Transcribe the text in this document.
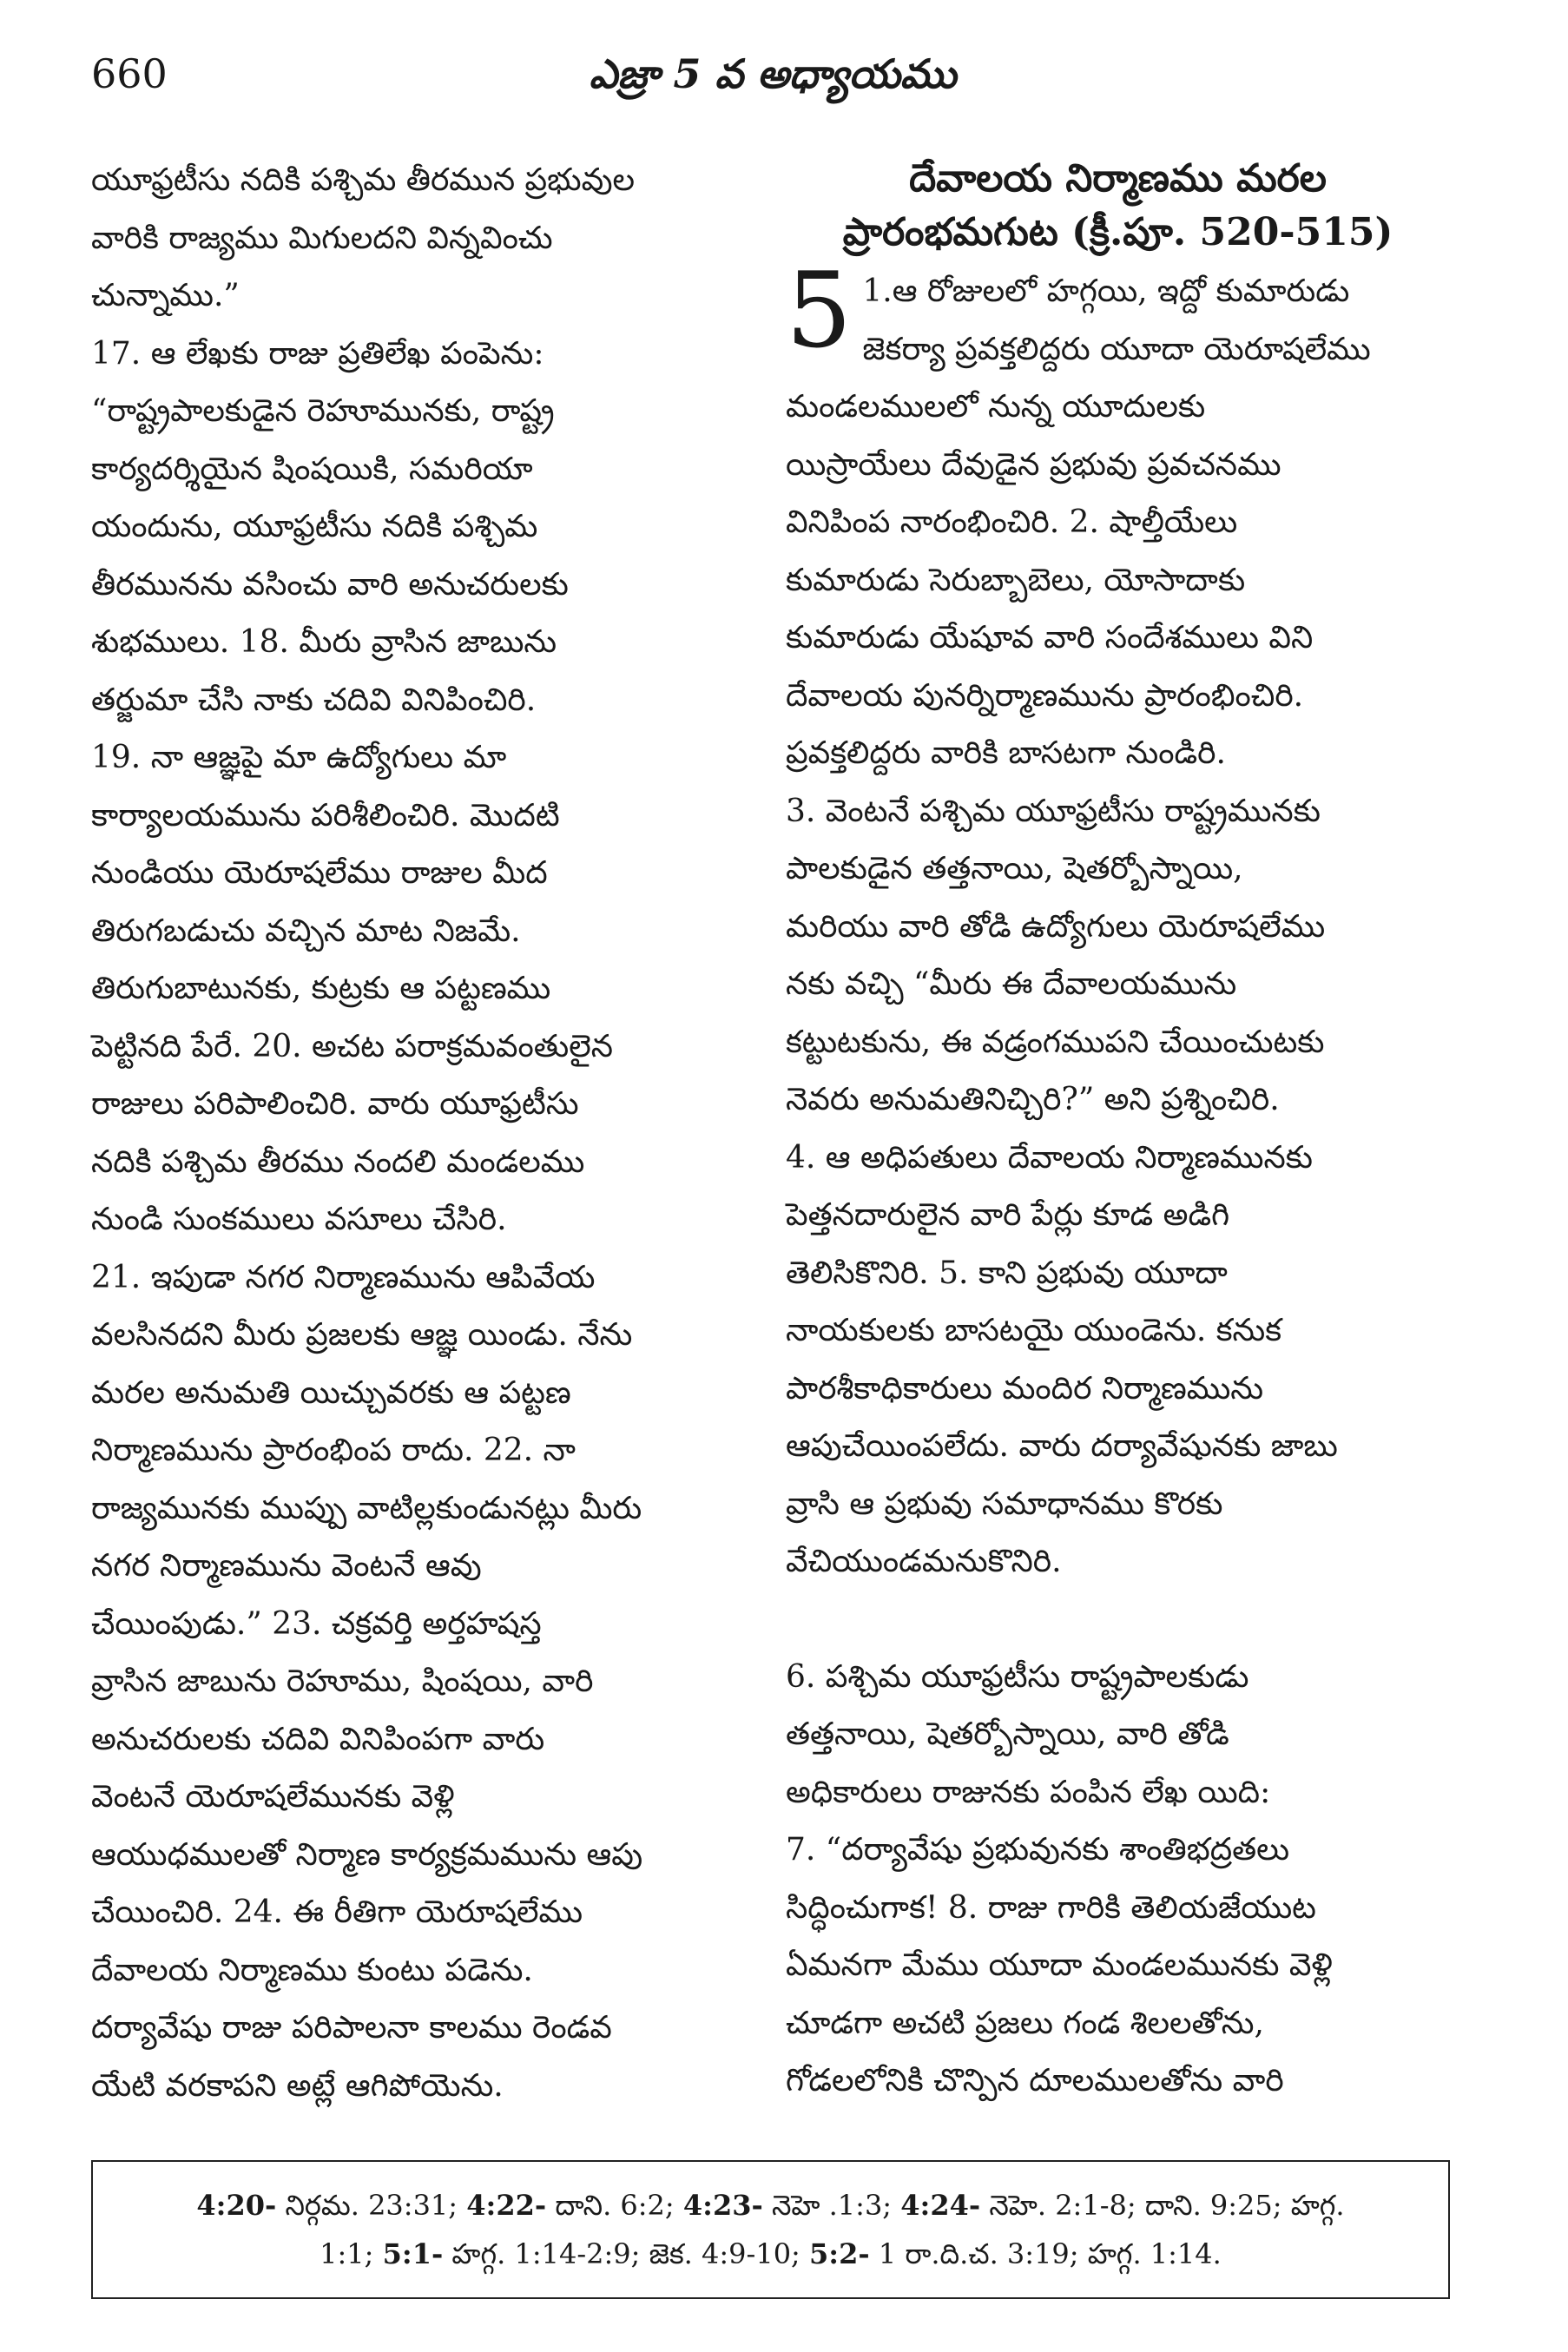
660	ఎజ్రా 5 వ అధ్యాయము

యూఫ్రటీసు నదికి పశ్చిమ తీరమున ప్రభువుల
వారికి రాజ్యము మిగులదని విన్నవించు
చున్నాము.”

17. ఆ లేఖకు రాజు ప్రతిలేఖ పంపెను:
“రాష్ట్రపాలకుడైన రెహూమునకు, రాష్ట్ర
కార్యదర్శియైన షింషయికి, సమరియా
యందును, యూఫ్రటీసు నదికి పశ్చిమ
తీరమునను వసించు వారి అనుచరులకు
శుభములు. 18. మీరు వ్రాసిన జాబును
తర్జుమా చేసి నాకు చదివి వినిపించిరి.
19. నా ఆజ్ఞపై మా ఉద్యోగులు మా
కార్యాలయమును పరిశీలించిరి. మొదటి
నుండియు యెరూషలేము రాజుల మీద
తిరుగబడుచు వచ్చిన మాట నిజమే.
తిరుగుబాటునకు, కుట్రకు ఆ పట్టణము
పెట్టినది పేరే. 20. అచట పరాక్రమవంతులైన
రాజులు పరిపాలించిరి. వారు యూఫ్రటీసు
నదికి పశ్చిమ తీరము నందలి మండలము
నుండి సుంకములు వసూలు చేసిరి.
21. ఇపుడా నగర నిర్మాణమును ఆపివేయ
వలసినదని మీరు ప్రజలకు ఆజ్ఞ యిండు. నేను
మరల అనుమతి యిచ్చువరకు ఆ పట్టణ
నిర్మాణమును ప్రారంభింప రాదు. 22. నా
రాజ్యమునకు ముప్పు వాటిల్లకుండునట్లు మీరు
నగర నిర్మాణమును వెంటనే ఆవు
చేయింపుడు.” 23. చక్రవర్తి అర్తహషస్త
వ్రాసిన జాబును రెహూము, షింషయి, వారి
అనుచరులకు చదివి వినిపింపగా వారు
వెంటనే యెరూషలేమునకు వెళ్లి
ఆయుధములతో నిర్మాణ కార్యక్రమమును ఆపు
చేయించిరి. 24. ఈ రీతిగా యెరూషలేము
దేవాలయ నిర్మాణము కుంటు పడెను.
దర్యావేషు రాజు పరిపాలనా కాలము రెండవ
యేటి వరకాపని అట్లే ఆగిపోయెను.

దేవాలయ నిర్మాణము మరల
ప్రారంభమగుట (క్రీ.పూ. 520-515)
5 1.ఆ రోజులలో హగ్గయి, ఇద్దో కుమారుడు
జెకర్యా ప్రవక్తలిద్దరు యూదా యెరూషలేము
మండలములలో నున్న యూదులకు
యిస్రాయేలు దేవుడైన ప్రభువు ప్రవచనము
వినిపింప నారంభించిరి. 2. షాల్తీయేలు
కుమారుడు సెరుబ్బాబెలు, యోసాదాకు
కుమారుడు యేషూవ వారి సందేశములు విని
దేవాలయ పునర్నిర్మాణమును ప్రారంభించిరి.
ప్రవక్తలిద్దరు వారికి బాసటగా నుండిరి.
3. వెంటనే పశ్చిమ యూఫ్రటీసు రాష్ట్రమునకు
పాలకుడైన తత్తనాయి, షెతర్బోస్నాయి,
మరియు వారి తోడి ఉద్యోగులు యెరూషలేము
నకు వచ్చి “మీరు ఈ దేవాలయమును
కట్టుటకును, ఈ వడ్రంగముపని చేయించుటకు
నెవరు అనుమతినిచ్చిరి?” అని ప్రశ్నించిరి.
4. ఆ అధిపతులు దేవాలయ నిర్మాణమునకు
పెత్తనదారులైన వారి పేర్లు కూడ అడిగి
తెలిసికొనిరి. 5. కాని ప్రభువు యూదా
నాయకులకు బాసటయై యుండెను. కనుక
పారశీకాధికారులు మందిర నిర్మాణమును
ఆపుచేయింపలేదు. వారు దర్యావేషునకు జాబు
వ్రాసి ఆ ప్రభువు సమాధానము కొరకు
వేచియుండమనుకొనిరి.

6. పశ్చిమ యూఫ్రటీసు రాష్ట్రపాలకుడు
తత్తనాయి, షెతర్బోస్నాయి, వారి తోడి
అధికారులు రాజునకు పంపిన లేఖ యిది:
7. “దర్యావేషు ప్రభువునకు శాంతిభద్రతలు
సిద్ధించుగాక! 8. రాజు గారికి తెలియజేయుట
ఏమనగా మేము యూదా మండలమునకు వెళ్లి
చూడగా అచటి ప్రజలు గండ శిలలతోను,
గోడలలోనికి చొన్పిన దూలములతోను వారి

4:20- నిర్గమ. 23:31; 4:22- దాని. 6:2; 4:23- నెహె .1:3; 4:24- నెహె. 2:1-8; దాని. 9:25; హగ్గ.
1:1; 5:1- హగ్గ. 1:14-2:9; జెక. 4:9-10; 5:2- 1 రా.ది.చ. 3:19; హగ్గ. 1:14.
